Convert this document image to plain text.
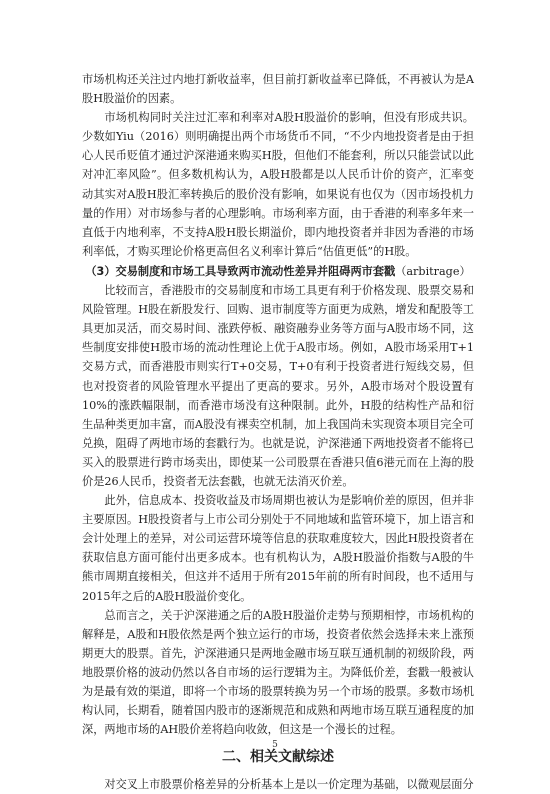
市场机构还关注过内地打新收益率，但目前打新收益率已降低，不再被认为是A股H股溢价的因素。

市场机构同时关注过汇率和利率对A股H股溢价的影响，但没有形成共识。少数如Yiu（2016）则明确提出两个市场货币不同，“不少内地投资者是由于担心人民币贬值才通过沪深港通来购买H股，但他们不能套利，所以只能尝试以此对冲汇率风险”。但多数机构认为，A股H股都是以人民币计价的资产，汇率变动其实对A股H股汇率转换后的股价没有影响，如果说有也仅为（因市场投机力量的作用）对市场参与者的心理影响。市场利率方面，由于香港的利率多年来一直低于内地利率，不支持A股H股长期溢价，即内地投资者并非因为香港的市场利率低，才购买理论价格更高但名义利率计算后“估值更低”的H股。

（3）交易制度和市场工具导致两市流动性差异并阻碍两市套戳（arbitrage）

比较而言，香港股市的交易制度和市场工具更有利于价格发现、股票交易和风险管理。H股在新股发行、回购、退市制度等方面更为成熟，增发和配股等工具更加灵活，而交易时间、涨跌停板、融资融券业务等方面与A股市场不同，这些制度安排使H股市场的流动性理论上优于A股市场。例如，A股市场采用T+1交易方式，而香港股市则实行T+0交易，T+0有利于投资者进行短线交易，但也对投资者的风险管理水平提出了更高的要求。另外，A股市场对个股设置有10%的涨跌幅限制，而香港市场没有这种限制。此外，H股的结构性产品和衍生品种类更加丰富，而A股没有裸卖空机制，加上我国尚未实现资本项目完全可兑换，阻碍了两地市场的套戳行为。也就是说，沪深港通下两地投资者不能将已买入的股票进行跨市场卖出，即使某一公司股票在香港只值6港元而在上海的股价是26人民币，投资者无法套戳，也就无法消灭价差。

此外，信息成本、投资收益及市场周期也被认为是影响价差的原因，但并非主要原因。H股投资者与上市公司分别处于不同地域和监管环境下，加上语言和会计处理上的差异，对公司运营环境等信息的获取难度较大，因此H股投资者在获取信息方面可能付出更多成本。也有机构认为，A股H股溢价指数与A股的牛熊市周期直接相关，但这并不适用于所有2015年前的所有时间段，也不适用与2015年之后的A股H股溢价变化。

总而言之，关于沪深港通之后的A股H股溢价走势与预期相悖，市场机构的解释是，A股和H股依然是两个独立运行的市场，投资者依然会选择未来上涨预期更大的股票。首先，沪深港通只是两地金融市场互联互通机制的初级阶段，两地股票价格的波动仍然以各自市场的运行逻辑为主。为降低价差，套戳一般被认为是最有效的渠道，即将一个市场的股票转换为另一个市场的股票。多数市场机构认同，长期看，随着国内股市的逐渐规范和成熟和两地市场互联互通程度的加深，两地市场的AH股价差将趋向收敛，但这是一个漫长的过程。

二、相关文献综述

对交叉上市股票价格差异的分析基本上是以一价定理为基础，以微观层面分

5
